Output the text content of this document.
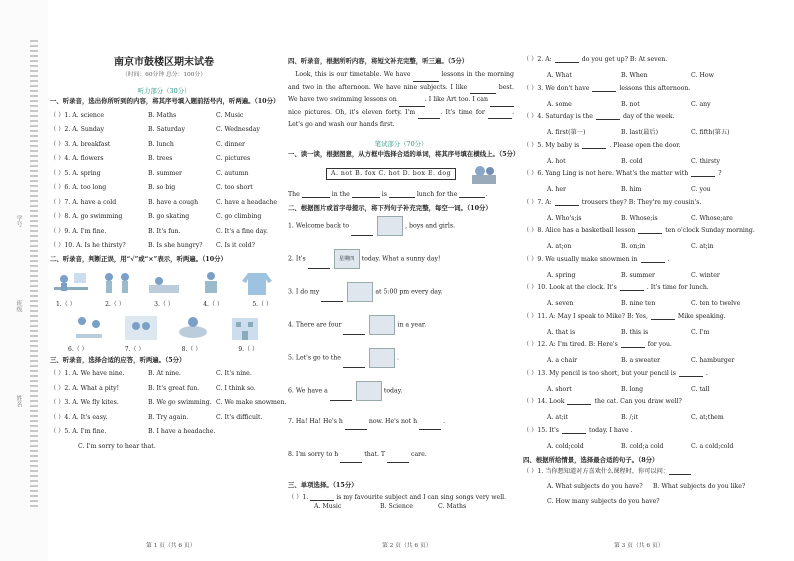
学号
班级
姓名
南京市鼓楼区期末试卷
（时间：60分钟 总分：100分）
听力部分（30分）
一、听录音，选出你所听到的内容，将其序号填入题前括号内，听两遍。（10分）
（ ）1. A. science	B. Maths	C. Music
（ ）2. A. Sunday	B. Saturday	C. Wednesday
（ ）3. A. breakfast	B. lunch	C. dinner
（ ）4. A. flowers	B. trees	C. pictures
（ ）5. A. spring	B. summer	C. autumn
（ ）6. A. too long	B. so big	C. too short
（ ）7. A. have a cold	B. have a cough	C. have a headache
（ ）8. A. go swimming	B. go skating	C. go climbing
（ ）9. A. I'm fine.	B. It's fun.	C. It's a fine day.
（ ）10. A. Is he thirsty?	B. Is she hungry? C. Is it cold?
二、听录音，判断正误，用“√”或“×”表示，听两遍。（10分）
1.（ ）	2.（ ）	3.（ ）	4.（ ）	5.（ ）
6.（ ）	7.（ ）	8.（ ）	9.（ ）
三、听录音，选择合适的应答，听两遍。（5分）
（ ）1. A. We have nine.	B. At nine.	C. It's nine.
（ ）2. A. What a pity!	B. It's great fun.	C. I think so.
（ ）3. A. We fly kites.	B. We go swimming. C. We make snowmen.
（ ）4. A. It's easy.	B. Try again.	C. It's difficult.
（ ）5. A. I'm fine.	B. I have a headache.
C. I'm sorry to hear that.
第 1 页（共 6 页）
四、听录音，根据所听内容，将短文补充完整，听三遍。（5分）
Look, this is our timetable. We have	lessons in the morning and two in the afternoon. We have nine subjects. I like	best. We have two swimming lessons on	. I like Art too. I can  nice pictures. Oh, it's eleven forty. I'm	. It's time for	. Let's go and wash our hands first.
笔试部分（70分）
一、读一读，根据图意，从方框中选择合适的单词，将其序号填在横线上。（5分）
A. not B. fox C. hot D. box E. dog
The	in the	is	lunch for the	.
二、根据图片或首字母提示，将下列句子补充完整，每空一词。（10分）
1. Welcome back to	, boys and girls.
2. It's	星期四 today. What a sunny day!
3. I do my	at 5:00 pm every day.
4. There are four	in a year.
5. Let's go to the	.
6. We have a	today.
7. Ha! Ha! He's h	now. He's not h	.
8. I'm sorry to h	that. T	care.
三、单项选择。（15分）
（ ）1.	is my favourite subject and I can sing songs very well.
A. Music	B. Science	C. Maths
第 2 页（共 6 页）
（ ）2. A:	do you get up? B: At seven.
A. What	B. When	C. How
（ ）3. We don't have	lessons this afternoon.
A. some	B. not	C. any
（ ）4. Saturday is the	day of the week.
A. first(第一)	B. last(最后)	C. fifth(第五)
（ ）5. My baby is	. Please open the door.
A. hot	B. cold	C. thirsty
（ ）6. Yang Ling is not here. What's the matter with	?
A. her	B. him	C. you
（ ）7. A:	trousers they? B: They're my cousin's.
A. Who's;is	B. Whose;is	C. Whose;are
（ ）8. Alice has a basketball lesson	ten o'clock Sunday morning.
A. at;on	B. on;in	C. at;in
（ ）9. We usually make snowmen in	.
A. spring	B. summer	C. winter
（ ）10. Look at the clock. It's	. It's time for lunch.
A. seven	B. nine ten	C. ten to twelve
（ ）11. A: May I speak to Mike? B: Yes,	Mike speaking.
A. that is	B. this is	C. I'm
（ ）12. A: I'm tired. B: Here's	for you.
A. a chair	B. a sweater	C. hamburger
（ ）13. My pencil is too short, but your pencil is	.
A. short	B. long	C. tall
（ ）14. Look	the cat. Can you draw well?
A. at;it	B. /;it	C. at;them
（ ）15. It's	today. I have .
A. cold;cold	B. cold;a cold	C. a cold;cold
四、根据所给情景，选择最合适的句子。（8分）
（ ）1. 当你想知道对方喜欢什么课程时，你可以问：
A. What subjects do you have? B. What subjects do you like?
C. How many subjects do you have?
第 3 页（共 6 页）
